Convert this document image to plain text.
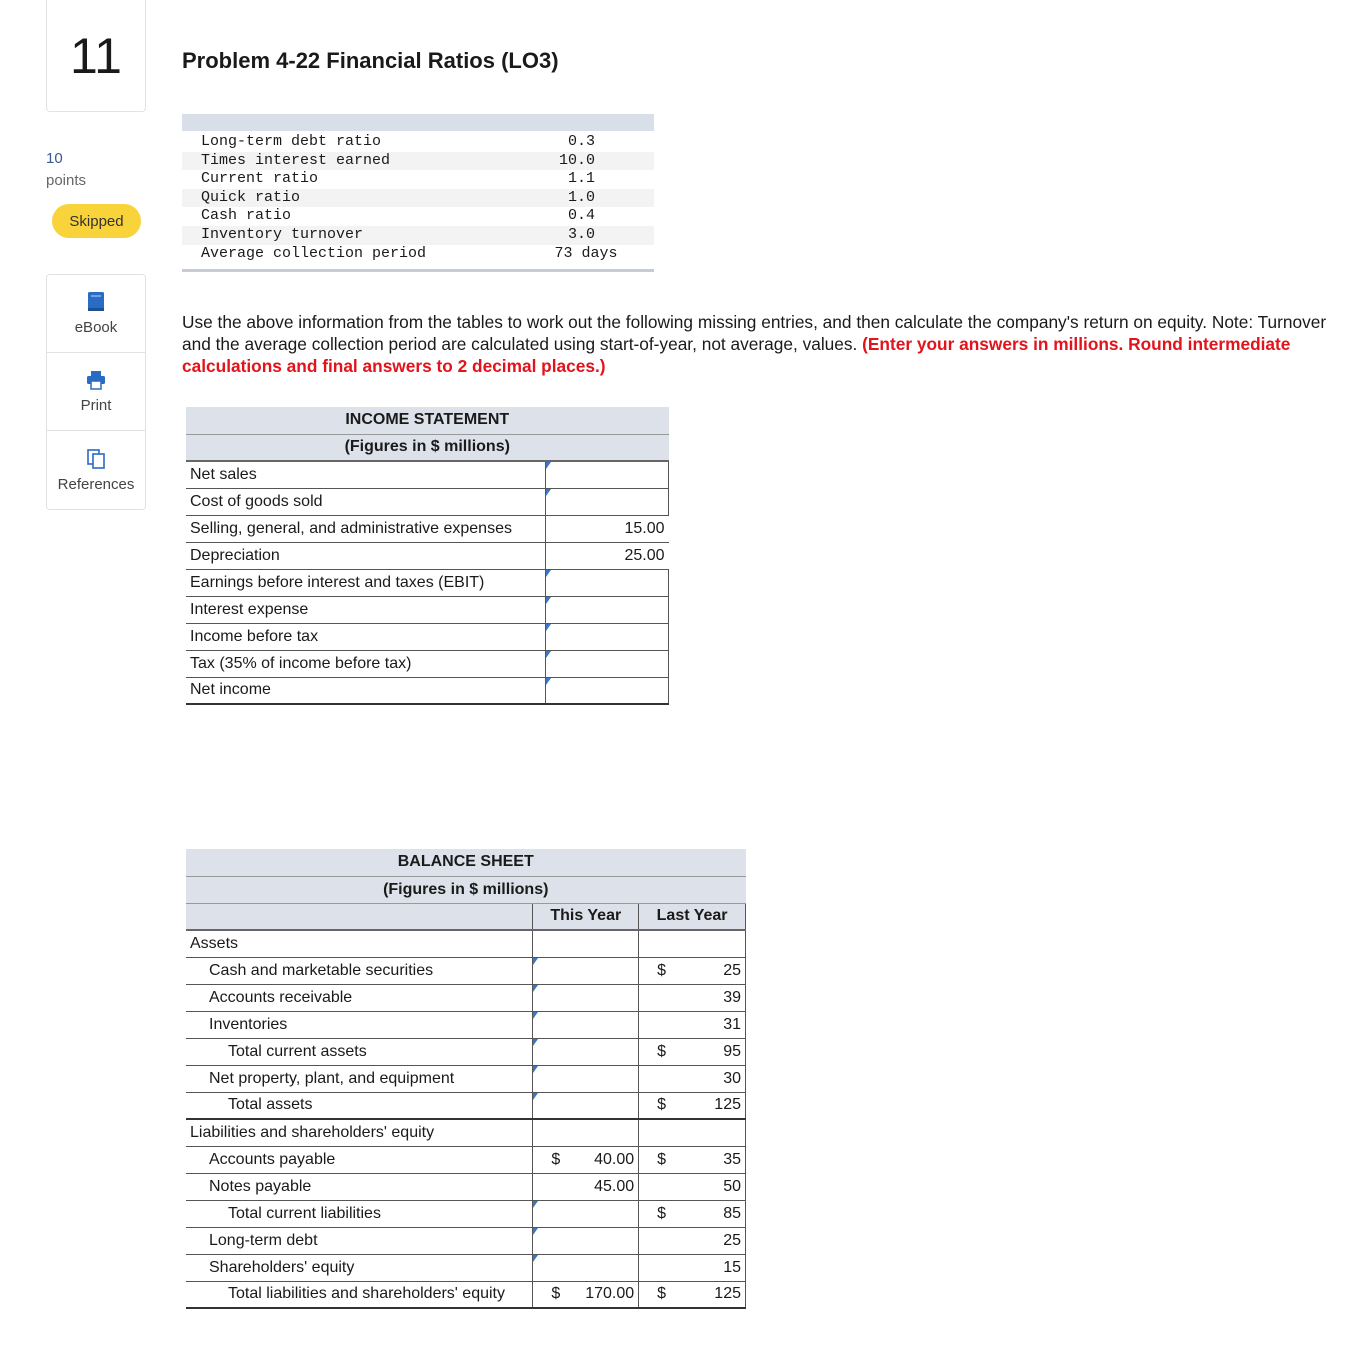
11
10
points
Skipped
eBook
Print
References
Problem 4-22 Financial Ratios (LO3)
Long-term debt ratio	0.3
Times interest earned	10.0
Current ratio	1.1
Quick ratio	1.0
Cash ratio	0.4
Inventory turnover	3.0
Average collection period	73 days
Use the above information from the tables to work out the following missing entries, and then calculate the company's return on equity. Note: Turnover and the average collection period are calculated using start-of-year, not average, values. (Enter your answers in millions. Round intermediate calculations and final answers to 2 decimal places.)
INCOME STATEMENT	
(Figures in $ millions)	
Net sales	

Cost of goods sold	

Selling, general, and administrative expenses	15.00
Depreciation	25.00
Earnings before interest and taxes (EBIT)	

Interest expense	

Income before tax	

Tax (35% of income before tax)	

Net income	
BALANCE SHEET		
(Figures in $ millions)		
	This Year	Last Year
Assets		
Cash and marketable securities		$ 25

Accounts receivable		39

Inventories		31

Total current assets		$ 95

Net property, plant, and equipment		30

Total assets		$ 125

Liabilities and shareholders' equity		
Accounts payable	$ 40.00	$ 35

Notes payable	45.00	50

Total current liabilities		$ 85

Long-term debt		25

Shareholders' equity		15

Total liabilities and shareholders' equity	$ 170.00	$ 125
